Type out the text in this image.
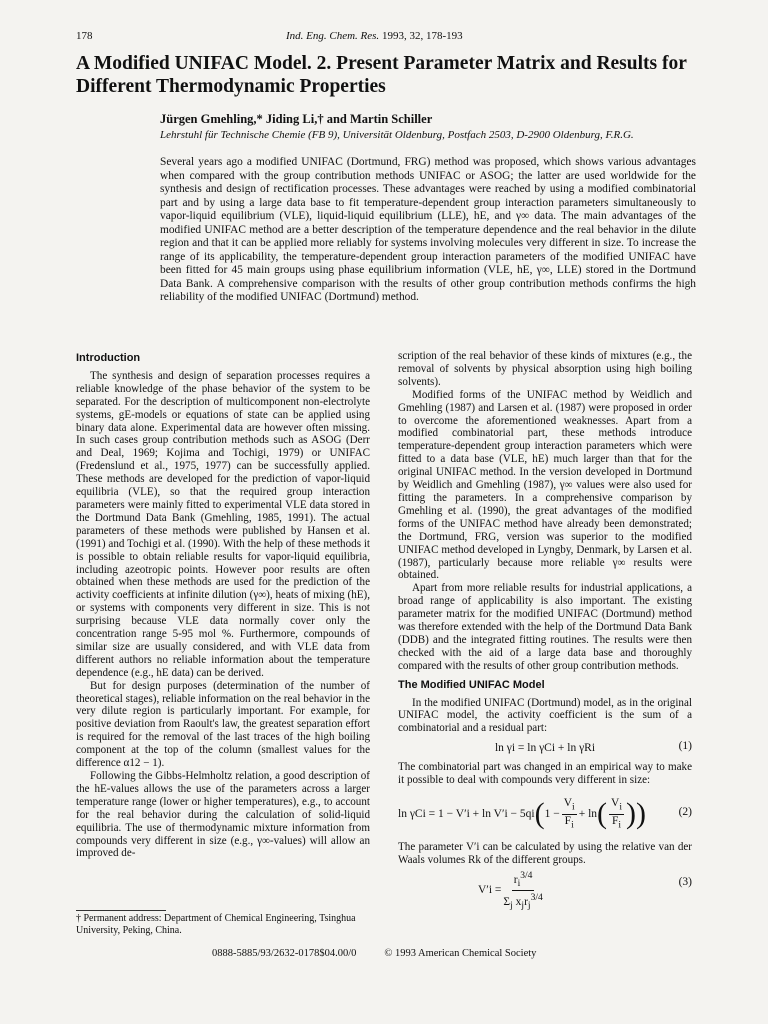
178	Ind. Eng. Chem. Res. 1993, 32, 178-193
A Modified UNIFAC Model. 2. Present Parameter Matrix and Results for Different Thermodynamic Properties
Jürgen Gmehling,* Jiding Li,† and Martin Schiller
Lehrstuhl für Technische Chemie (FB 9), Universität Oldenburg, Postfach 2503, D-2900 Oldenburg, F.R.G.

Several years ago a modified UNIFAC (Dortmund, FRG) method was proposed, which shows various advantages when compared with the group contribution methods UNIFAC or ASOG; the latter are used worldwide for the synthesis and design of rectification processes. These advantages were reached by using a modified combinatorial part and by using a large data base to fit temperature-dependent group interaction parameters simultaneously to vapor-liquid equilibrium (VLE), liquid-liquid equilibrium (LLE), hE, and γ∞ data. The main advantages of the modified UNIFAC method are a better description of the temperature dependence and the real behavior in the dilute region and that it can be applied more reliably for systems involving molecules very different in size. To increase the range of its applicability, the temperature-dependent group interaction parameters of the modified UNIFAC have been fitted for 45 main groups using phase equilibrium information (VLE, hE, γ∞, LLE) stored in the Dortmund Data Bank. A comprehensive comparison with the results of other group contribution methods confirms the high reliability of the modified UNIFAC (Dortmund) method.

Introduction

The synthesis and design of separation processes requires a reliable knowledge of the phase behavior of the system to be separated. For the description of multicomponent non-electrolyte systems, gE-models or equations of state can be applied using binary data alone. Experimental data are however often missing. In such cases group contribution methods such as ASOG (Derr and Deal, 1969; Kojima and Tochigi, 1979) or UNIFAC (Fredenslund et al., 1975, 1977) can be successfully applied. These methods are developed for the prediction of vapor-liquid equilibria (VLE), so that the required group interaction parameters were mainly fitted to experimental VLE data stored in the Dortmund Data Bank (Gmehling, 1985, 1991). The actual parameters of these methods were published by Hansen et al. (1991) and Tochigi et al. (1990). With the help of these methods it is possible to obtain reliable results for vapor-liquid equilibria, including azeotropic points. However poor results are often obtained when these methods are used for the prediction of the activity coefficients at infinite dilution (γ∞), heats of mixing (hE), or systems with components very different in size. This is not surprising because VLE data normally cover only the concentration range 5-95 mol %. Furthermore, compounds of similar size are usually considered, and with VLE data from different authors no reliable information about the temperature dependence (e.g., hE data) can be derived.

But for design purposes (determination of the number of theoretical stages), reliable information on the real behavior in the very dilute region is particularly important. For example, for positive deviation from Raoult's law, the greatest separation effort is required for the removal of the last traces of the high boiling component at the top of the column (smallest values for the difference α12 − 1).

Following the Gibbs-Helmholtz relation, a good description of the hE-values allows the use of the parameters across a larger temperature range (lower or higher temperatures), e.g., to account for the real behavior during the calculation of solid-liquid equilibria. The use of thermodynamic mixture information from compounds very different in size (e.g., γ∞-values) will allow an improved de-

scription of the real behavior of these kinds of mixtures (e.g., the removal of solvents by physical absorption using high boiling solvents).

Modified forms of the UNIFAC method by Weidlich and Gmehling (1987) and Larsen et al. (1987) were proposed in order to overcome the aforementioned weaknesses. Apart from a modified combinatorial part, these methods introduce temperature-dependent group interaction parameters which were fitted to a data base (VLE, hE) much larger than that for the original UNIFAC method. In the version developed in Dortmund by Weidlich and Gmehling (1987), γ∞ values were also used for fitting the parameters. In a comprehensive comparison by Gmehling et al. (1990), the great advantages of the modified forms of the UNIFAC method have already been demonstrated; the Dortmund, FRG, version was superior to the modified UNIFAC method developed in Lyngby, Denmark, by Larsen et al. (1987), particularly because more reliable γ∞ results were obtained.

Apart from more reliable results for industrial applications, a broad range of applicability is also important. The existing parameter matrix for the modified UNIFAC (Dortmund) method was therefore extended with the help of the Dortmund Data Bank (DDB) and the integrated fitting routines. The results were then checked with the aid of a large data base and thoroughly compared with the results of other group contribution methods.

The Modified UNIFAC Model

In the modified UNIFAC (Dortmund) model, as in the original UNIFAC model, the activity coefficient is the sum of a combinatorial and a residual part:

ln γi = ln γCi + ln γRi	(1)

The combinatorial part was changed in an empirical way to make it possible to deal with compounds very different in size:

ln γCi = 1 − V′i + ln V′i − 5qi ( $1 - \frac{V_i}{F_i} + \ln$ ( $\frac{V_i}{F_i}$ ))	(2)

The parameter V′i can be calculated by using the relative van der Waals volumes Rk of the different groups.

$V'i = \frac{r_i^{3/4}}{\Sigma_j x_jr_j^{3/4}}$	(3)
† Permanent address: Department of Chemical Engineering, Tsinghua University, Peking, China.
0888-5885/93/2632-0178$04.00/0	© 1993 American Chemical Society
